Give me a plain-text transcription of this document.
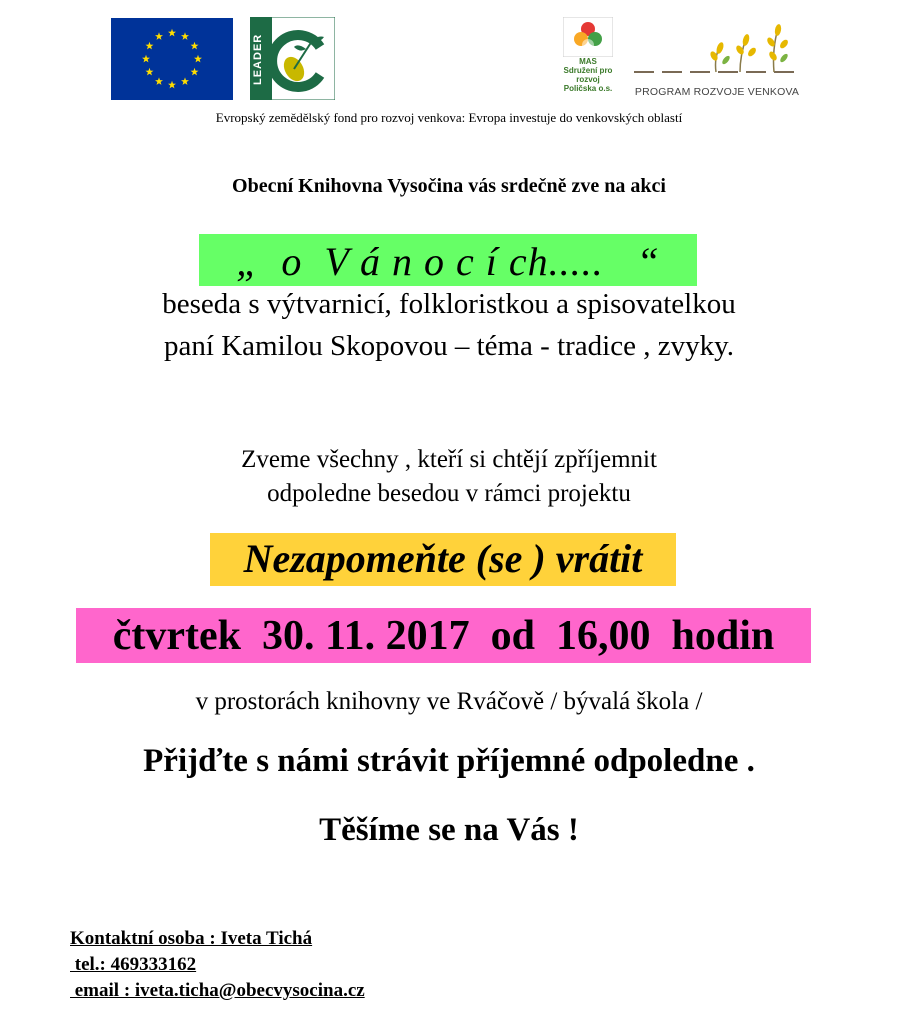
LEADER	MAS
Sdružení pro
rozvoj
Poličska o.s.	PROGRAM ROZVOJE VENKOVA
Evropský zemědělský fond pro rozvoj venkova: Evropa investuje do venkovských oblastí
Obecní Knihovna Vysočina vás srdečně zve na akci
„  o  V á n o c í ch.....   “
beseda s výtvarnicí, folkloristkou a spisovatelkou
paní Kamilou Skopovou – téma - tradice , zvyky.
Zveme všechny , kteří si chtějí zpříjemnit
odpoledne besedou v rámci projektu
Nezapomeňte (se ) vrátit
čtvrtek  30. 11. 2017  od  16,00  hodin
v prostorách knihovny ve Rváčově / bývalá škola /
Přijďte s námi strávit příjemné odpoledne .
Těšíme se na Vás !
Kontaktní osoba : Iveta Tichá
tel.: 469333162
email : iveta.ticha@obecvysocina.cz
